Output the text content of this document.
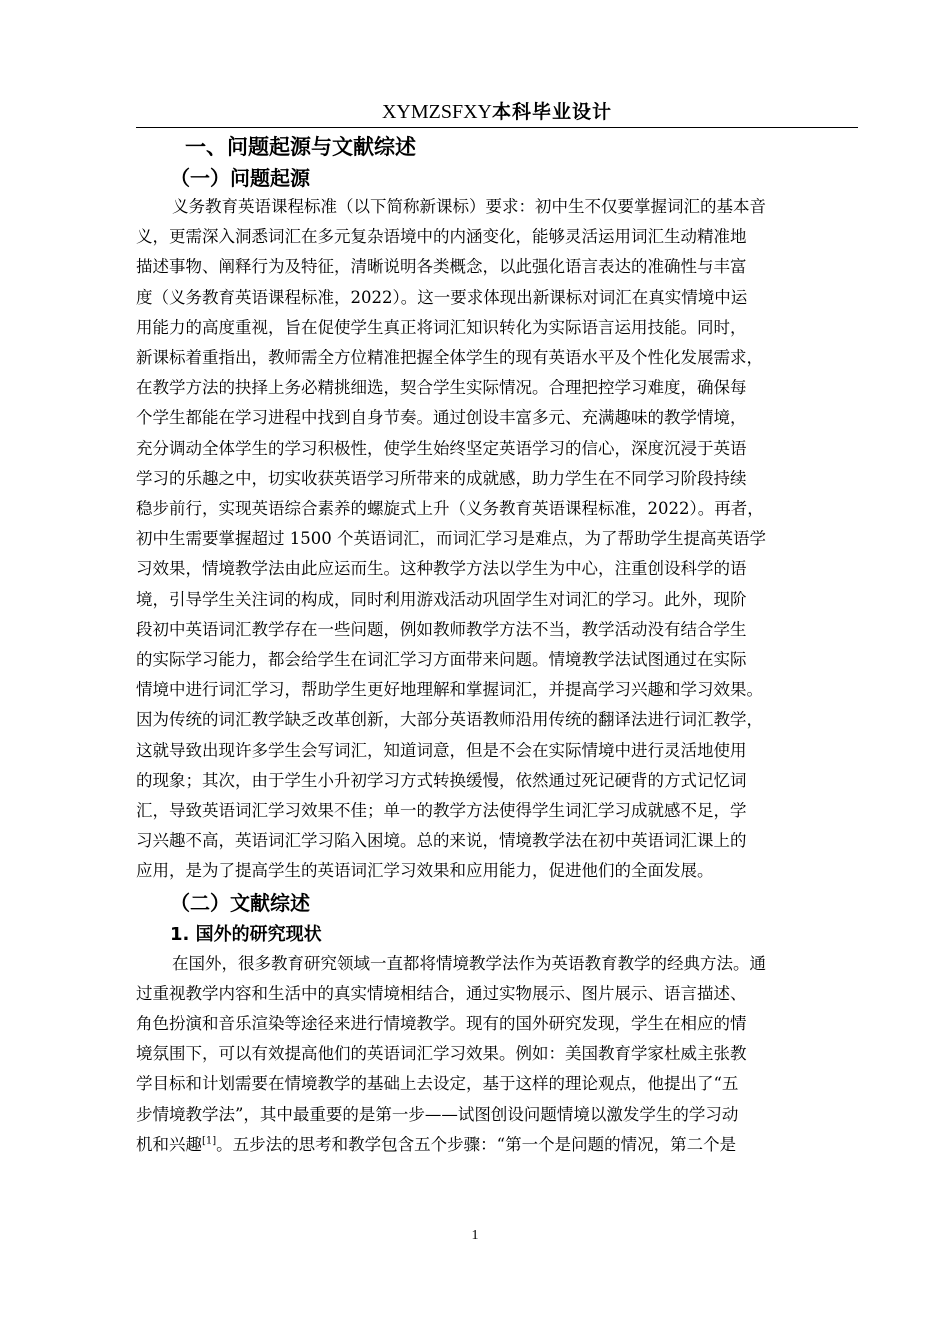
XYMZSFXY本科毕业设计
一、问题起源与文献综述
（一）问题起源

义务教育英语课程标准（以下简称新课标）要求：初中生不仅要掌握词汇的基本音
义，更需深入洞悉词汇在多元复杂语境中的内涵变化，能够灵活运用词汇生动精准地
描述事物、阐释行为及特征，清晰说明各类概念，以此强化语言表达的准确性与丰富
度（义务教育英语课程标准，2022）。这一要求体现出新课标对词汇在真实情境中运
用能力的高度重视，旨在促使学生真正将词汇知识转化为实际语言运用技能。同时，
新课标着重指出，教师需全方位精准把握全体学生的现有英语水平及个性化发展需求，
在教学方法的抉择上务必精挑细选，契合学生实际情况。合理把控学习难度，确保每
个学生都能在学习进程中找到自身节奏。通过创设丰富多元、充满趣味的教学情境，
充分调动全体学生的学习积极性，使学生始终坚定英语学习的信心，深度沉浸于英语
学习的乐趣之中，切实收获英语学习所带来的成就感，助力学生在不同学习阶段持续
稳步前行，实现英语综合素养的螺旋式上升（义务教育英语课程标准，2022）。再者，
初中生需要掌握超过 1500 个英语词汇，而词汇学习是难点，为了帮助学生提高英语学
习效果，情境教学法由此应运而生。这种教学方法以学生为中心，注重创设科学的语
境，引导学生关注词的构成，同时利用游戏活动巩固学生对词汇的学习。此外，现阶
段初中英语词汇教学存在一些问题，例如教师教学方法不当，教学活动没有结合学生
的实际学习能力，都会给学生在词汇学习方面带来问题。情境教学法试图通过在实际
情境中进行词汇学习，帮助学生更好地理解和掌握词汇，并提高学习兴趣和学习效果。
因为传统的词汇教学缺乏改革创新，大部分英语教师沿用传统的翻译法进行词汇教学，
这就导致出现许多学生会写词汇，知道词意，但是不会在实际情境中进行灵活地使用
的现象；其次，由于学生小升初学习方式转换缓慢，依然通过死记硬背的方式记忆词
汇，导致英语词汇学习效果不佳；单一的教学方法使得学生词汇学习成就感不足，学
习兴趣不高，英语词汇学习陷入困境。总的来说，情境教学法在初中英语词汇课上的
应用，是为了提高学生的英语词汇学习效果和应用能力，促进他们的全面发展。

（二）文献综述
1. 国外的研究现状

在国外，很多教育研究领域一直都将情境教学法作为英语教育教学的经典方法。通
过重视教学内容和生活中的真实情境相结合，通过实物展示、图片展示、语言描述、
角色扮演和音乐渲染等途径来进行情境教学。现有的国外研究发现，学生在相应的情
境氛围下，可以有效提高他们的英语词汇学习效果。例如：美国教育学家杜威主张教
学目标和计划需要在情境教学的基础上去设定，基于这样的理论观点，他提出了“五
步情境教学法”，其中最重要的是第一步——试图创设问题情境以激发学生的学习动
机和兴趣[1]。五步法的思考和教学包含五个步骤：“第一个是问题的情况，第二个是

1
